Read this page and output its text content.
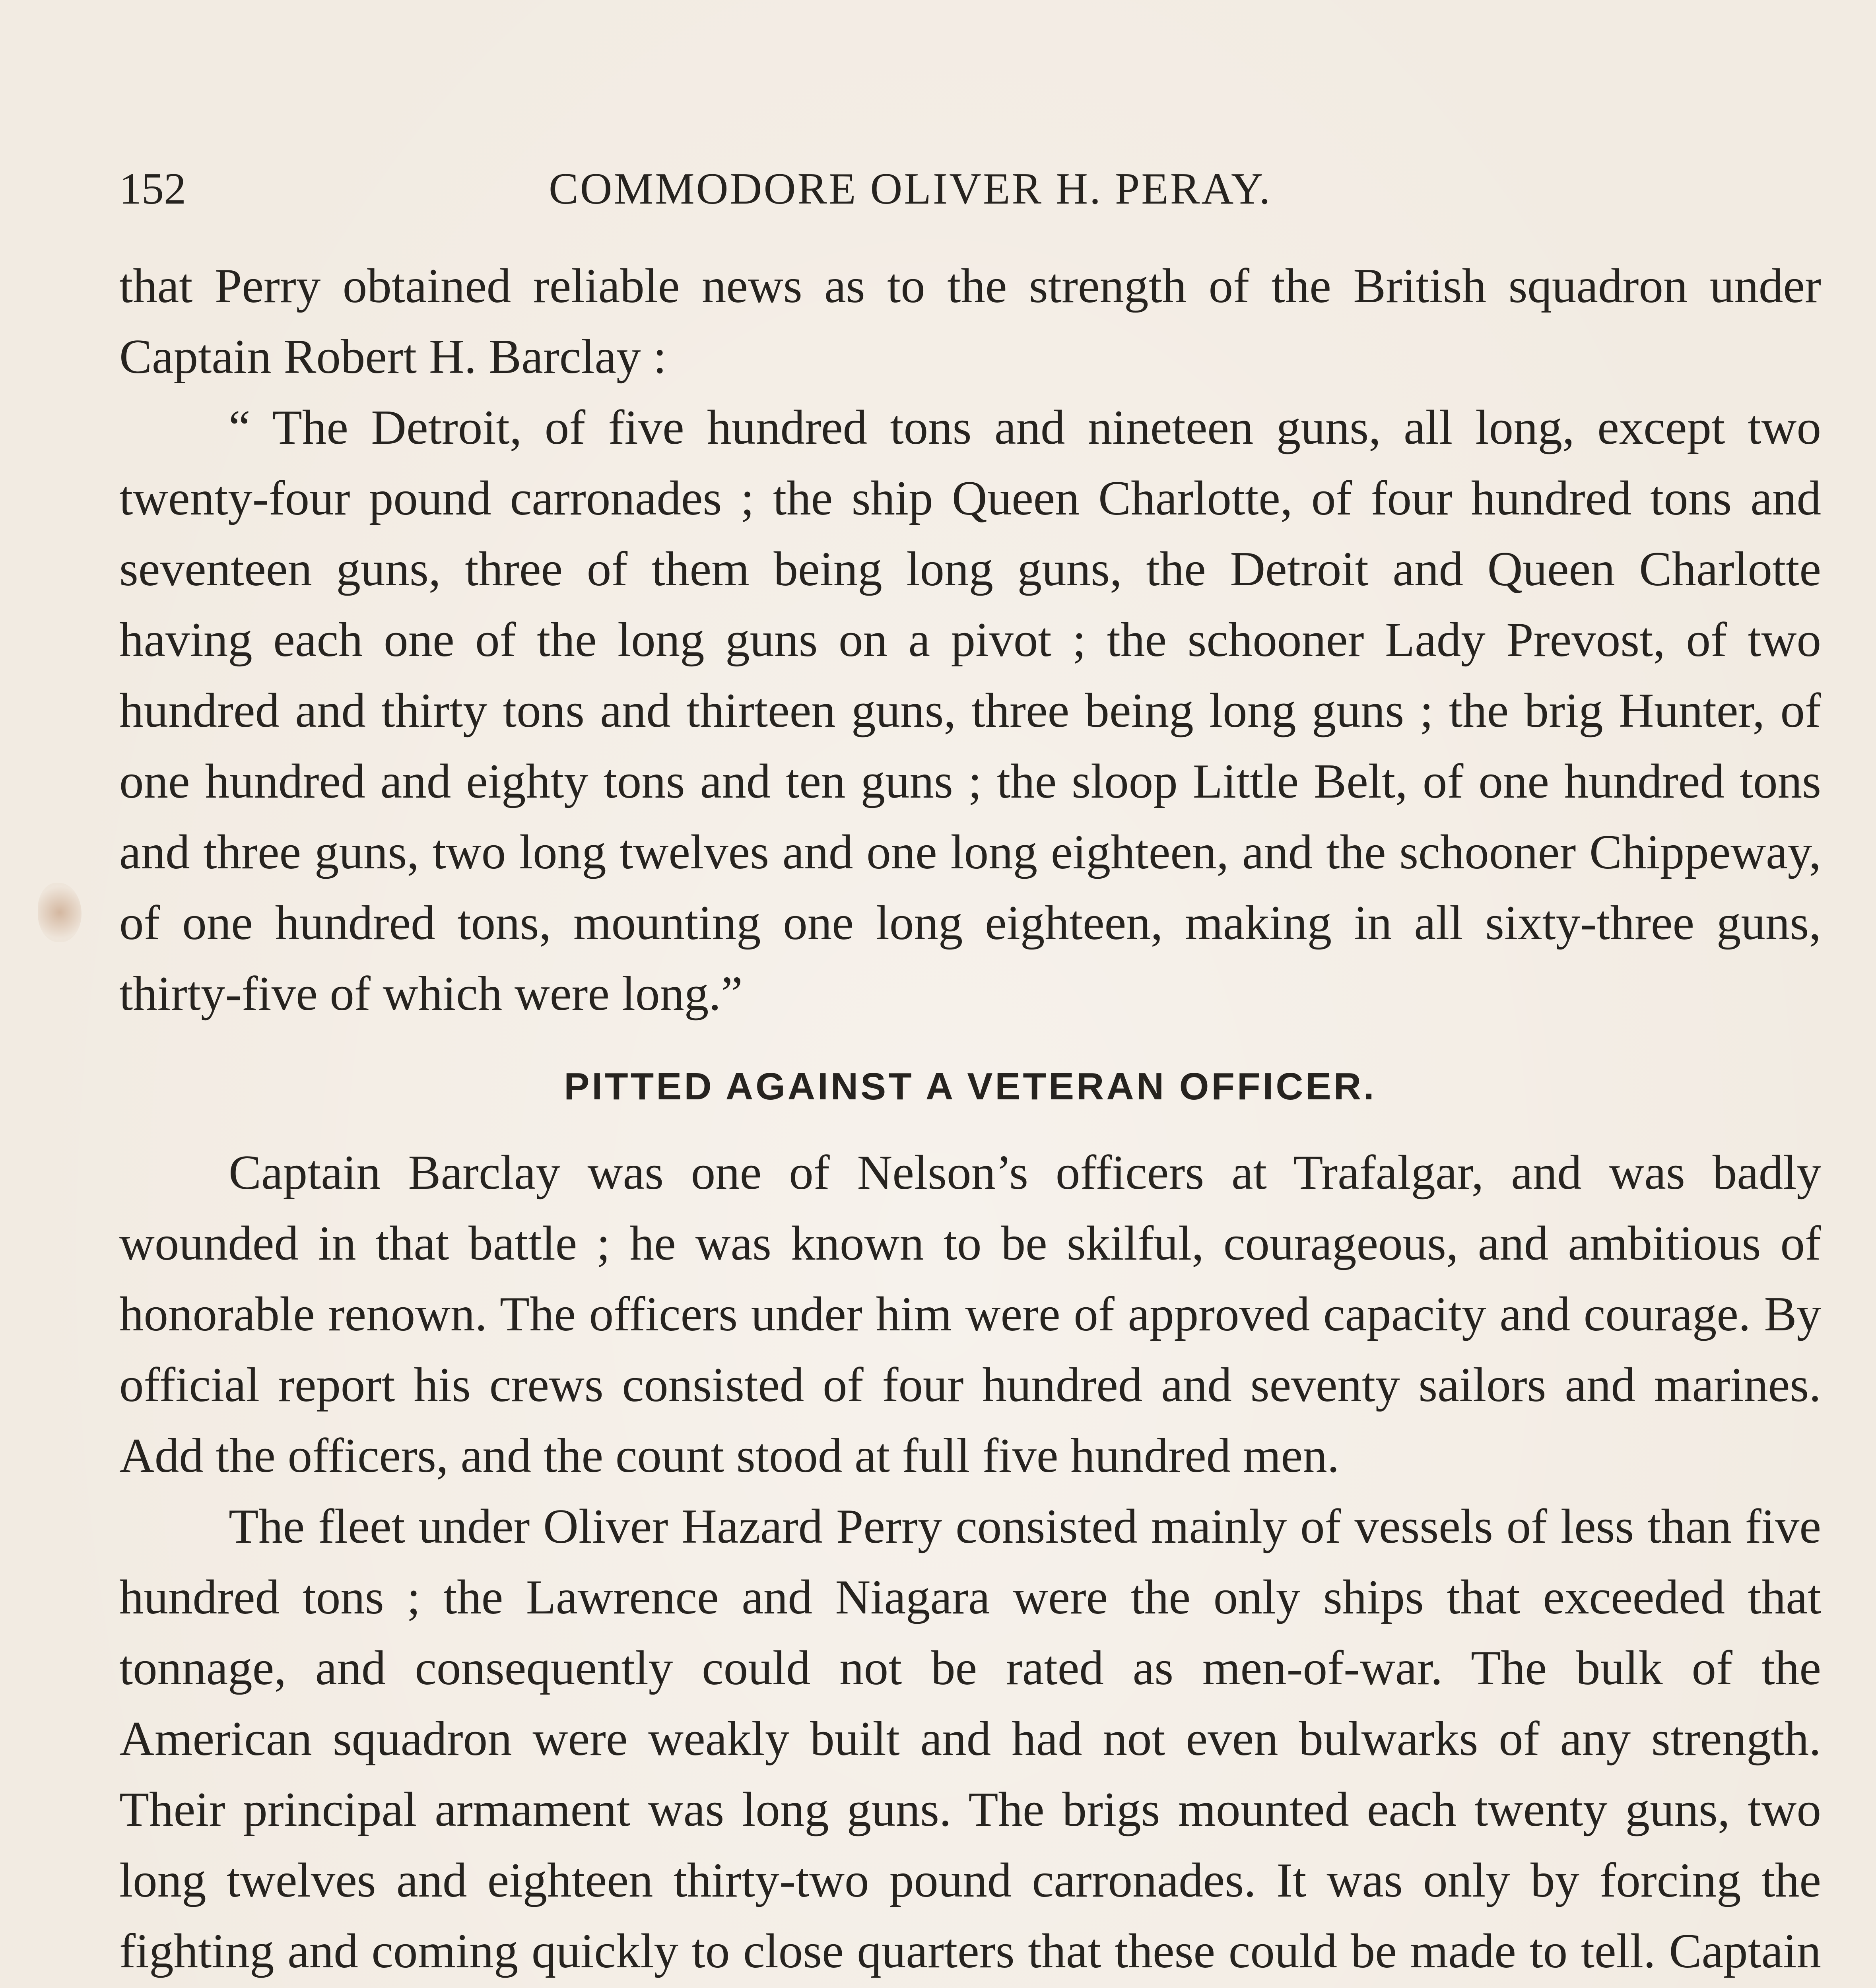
152	COMMODORE OLIVER H. PERAY.

that Perry obtained reliable news as to the strength of the British squadron under Captain Robert H. Barclay :

“ The Detroit, of five hundred tons and nineteen guns, all long, except two twenty-four pound carronades ; the ship Queen Charlotte, of four hundred tons and seventeen guns, three of them being long guns, the Detroit and Queen Charlotte having each one of the long guns on a pivot ; the schooner Lady Prevost, of two hundred and thirty tons and thirteen guns, three being long guns ; the brig Hunter, of one hundred and eighty tons and ten guns ; the sloop Little Belt, of one hundred tons and three guns, two long twelves and one long eighteen, and the schooner Chippeway, of one hundred tons, mounting one long eighteen, making in all sixty-three guns, thirty-five of which were long.”

PITTED AGAINST A VETERAN OFFICER.

Captain Barclay was one of Nelson’s officers at Trafalgar, and was badly wounded in that battle ; he was known to be skilful, courageous, and ambitious of honorable renown. The officers under him were of approved capacity and courage. By official report his crews consisted of four hundred and seventy sailors and marines. Add the officers, and the count stood at full five hundred men.

The fleet under Oliver Hazard Perry consisted mainly of vessels of less than five hundred tons ; the Lawrence and Niagara were the only ships that exceeded that tonnage, and consequently could not be rated as men-of-war. The bulk of the American squadron were weakly built and had not even bulwarks of any strength. Their principal armament was long guns. The brigs mounted each twenty guns, two long twelves and eighteen thirty-two pound carronades. It was only by forcing the fighting and coming quickly to close quarters that these could be made to tell. Captain
